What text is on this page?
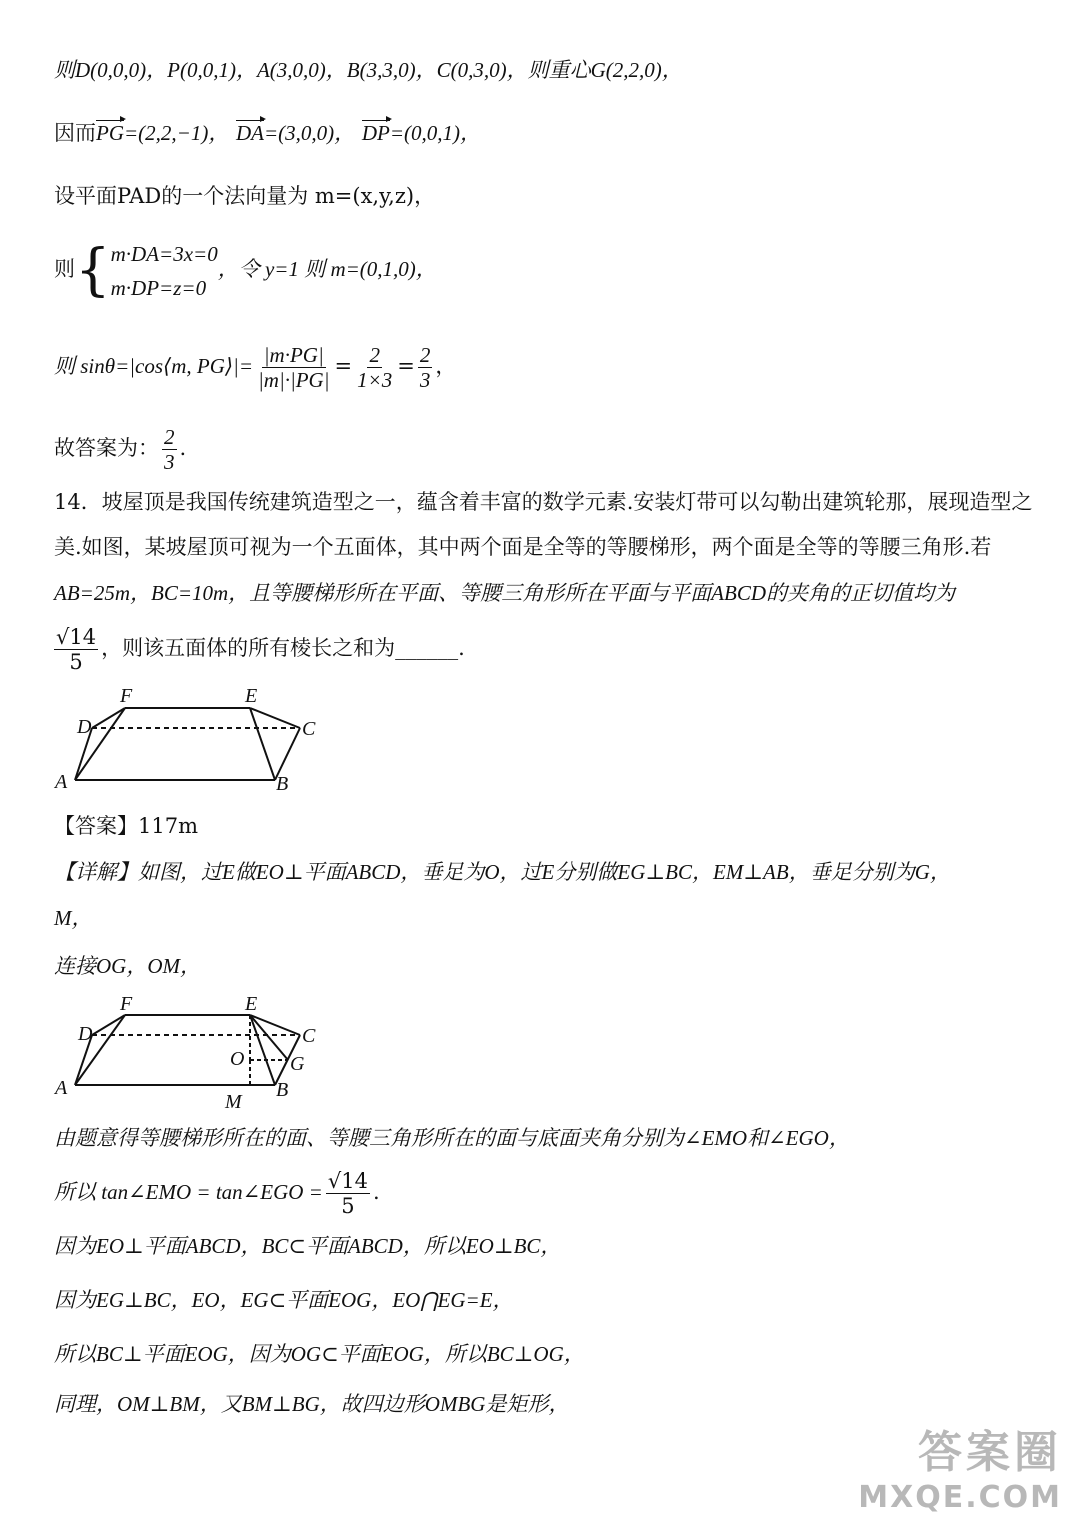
则D(0,0,0)，P(0,0,1)，A(3,0,0)，B(3,3,0)，C(0,3,0)，则重心G(2,2,0)，
因而PG=(2,2,−1)， DA=(3,0,0)， DP=(0,0,1)，
设平面PAD的一个法向量为 m=(x,y,z)，
则{ m·DA=3x=0
m·DP=z=0
，令 y=1 则 m=(0,1,0)，
则 sinθ=|cos⟨m, PG⟩|= $\frac{|m\cdot PG|}{|m|\cdot|PG|} = \frac{2}{1\times 3} = \frac{2}{3}$ ，
故答案为： $\frac{2}{3}$ .
14．坡屋顶是我国传统建筑造型之一，蕴含着丰富的数学元素.安装灯带可以勾勒出建筑轮那，展现造型之
美.如图，某坡屋顶可视为一个五面体，其中两个面是全等的等腰梯形，两个面是全等的等腰三角形.若
AB=25m，BC=10m，且等腰梯形所在平面、等腰三角形所在平面与平面ABCD的夹角的正切值均为
$\frac{√14}{5}$ ，则该五面体的所有棱长之和为______.
F	E
D	C
A	B
【答案】117m
【详解】如图，过E做EO⊥平面ABCD，垂足为O，过E分别做EG⊥BC，EM⊥AB，垂足分别为G，
M，
连接OG，OM，
F	E
D	C
O G
A	B
M
由题意得等腰梯形所在的面、等腰三角形所在的面与底面夹角分别为∠EMO和∠EGO，
所以 tan∠EMO = tan∠EGO = $\frac{√14}{5}$ .
因为EO⊥平面ABCD，BC⊂平面ABCD，所以EO⊥BC，
因为EG⊥BC，EO，EG⊂平面EOG，EO⋂EG=E，
所以BC⊥平面EOG，因为OG⊂平面EOG，所以BC⊥OG，
同理，OM⊥BM，又BM⊥BG，故四边形OMBG是矩形，
答案圈
MXQE.COM
